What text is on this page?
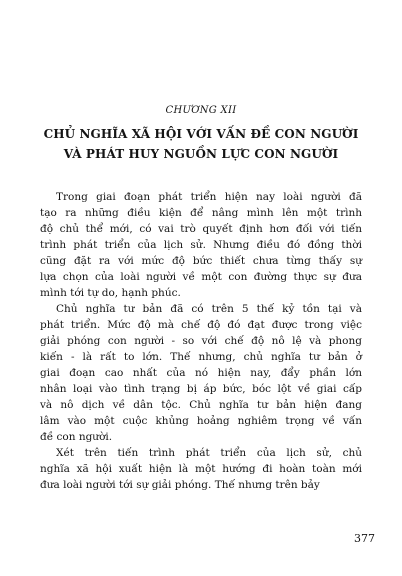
CHƯƠNG XII
CHỦ NGHĨA XÃ HỘI VỚI VẤN ĐỀ CON NGƯỜI
VÀ PHÁT HUY NGUỒN LỰC CON NGƯỜI
Trong giai đoạn phát triển hiện nay loài người đã
tạo ra những điều kiện để nâng mình lên một trình
độ chủ thể mới, có vai trò quyết định hơn đối với tiến
trình phát triển của lịch sử. Nhưng điều đó đồng thời
cũng đặt ra với mức độ bức thiết chưa từng thấy sự
lựa chọn của loài người về một con đường thực sự đưa
mình tới tự do, hạnh phúc.
Chủ nghĩa tư bản đã có trên 5 thế kỷ tồn tại và
phát triển. Mức độ mà chế độ đó đạt được trong việc
giải phóng con người - so với chế độ nô lệ và phong
kiến - là rất to lớn. Thế nhưng, chủ nghĩa tư bản ở
giai đoạn cao nhất của nó hiện nay, đẩy phần lớn
nhân loại vào tình trạng bị áp bức, bóc lột về giai cấp
và nô dịch về dân tộc. Chủ nghĩa tư bản hiện đang
lâm vào một cuộc khủng hoảng nghiêm trọng về vấn
đề con người.
Xét trên tiến trình phát triển của lịch sử, chủ
nghĩa xã hội xuất hiện là một hướng đi hoàn toàn mới
đưa loài người tới sự giải phóng. Thế nhưng trên bảy
377
